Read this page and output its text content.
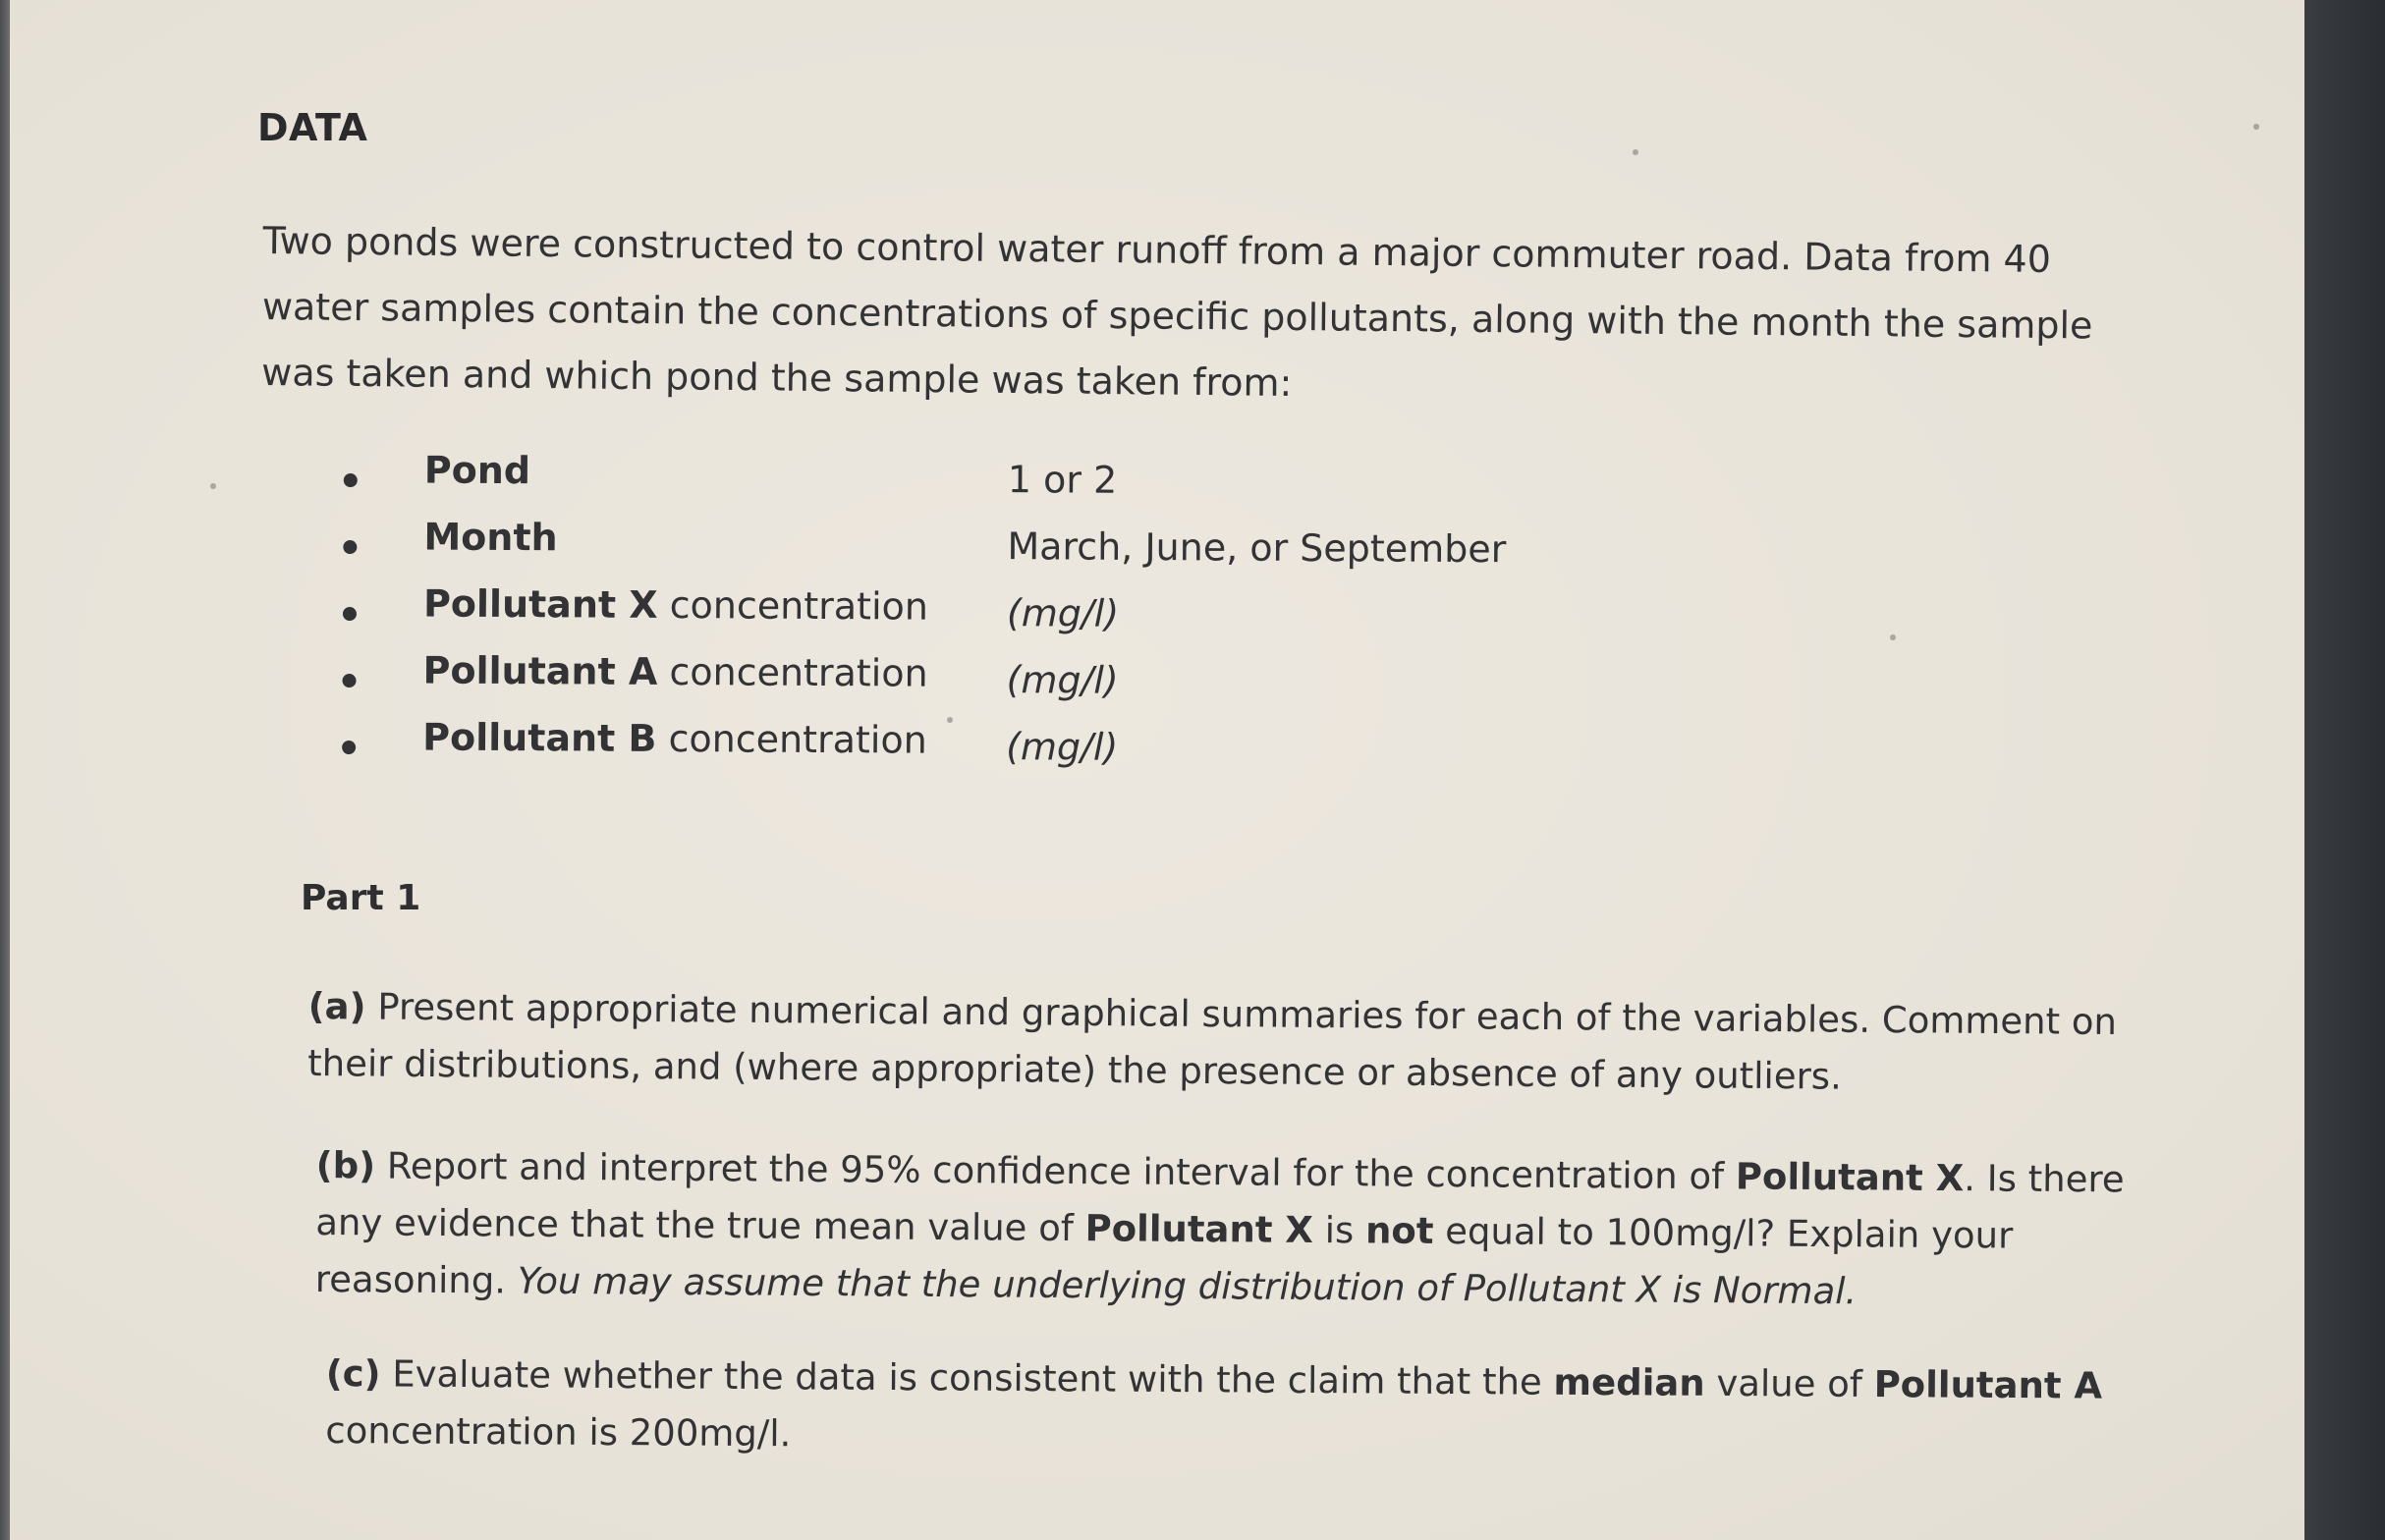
DATA
Two ponds were constructed to control water runoff from a major commuter road. Data from 40 water samples contain the concentrations of specific pollutants, along with the month the sample was taken and which pond the sample was taken from:
Pond	1 or 2
Month	March, June, or September
Pollutant X concentration (mg/l)
Pollutant A concentration (mg/l)
Pollutant B concentration (mg/l)
Part 1
(a) Present appropriate numerical and graphical summaries for each of the variables. Comment on their distributions, and (where appropriate) the presence or absence of any outliers.
(b) Report and interpret the 95% confidence interval for the concentration of Pollutant X. Is there any evidence that the true mean value of Pollutant X is not equal to 100mg/l? Explain your reasoning. You may assume that the underlying distribution of Pollutant X is Normal.
(c) Evaluate whether the data is consistent with the claim that the median value of Pollutant A concentration is 200mg/l.
